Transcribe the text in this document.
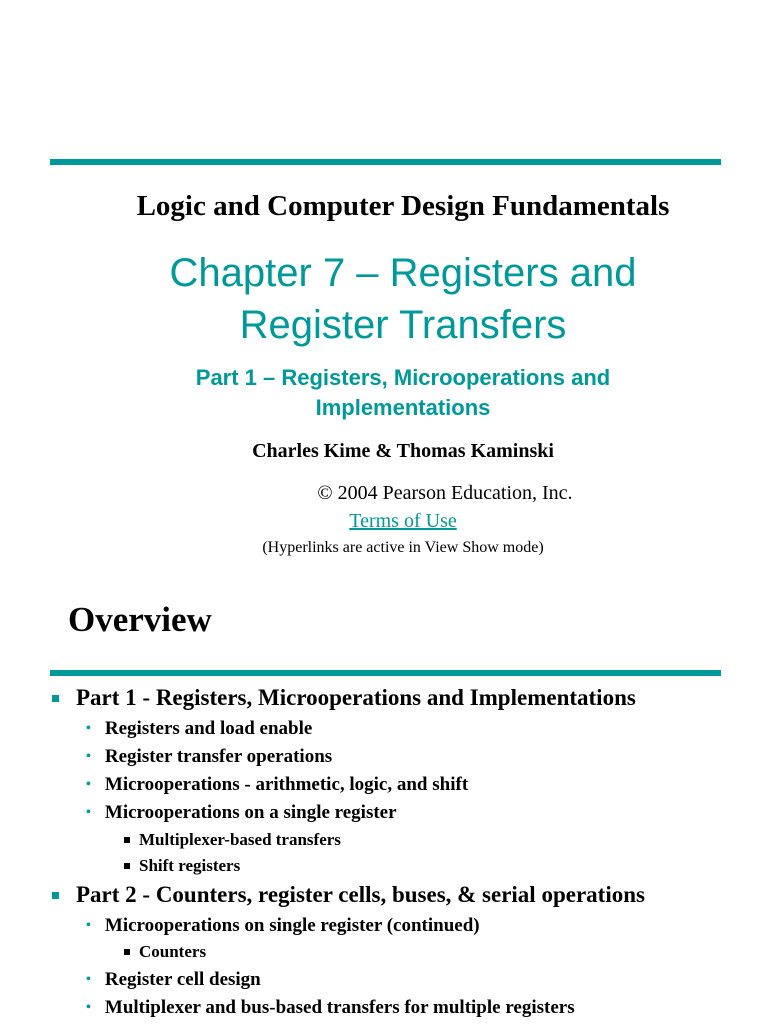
Logic and Computer Design Fundamentals
Chapter 7 – Registers and
Register Transfers
Part 1 – Registers, Microoperations and
Implementations
Charles Kime & Thomas Kaminski
© 2004 Pearson Education, Inc.
Terms of Use
(Hyperlinks are active in View Show mode)
Overview
Part 1 - Registers, Microoperations and Implementations
• Registers and load enable
• Register transfer operations
• Microoperations - arithmetic, logic, and shift
• Microoperations on a single register
Multiplexer-based transfers
Shift registers
Part 2 - Counters, register cells, buses, & serial operations
• Microoperations on single register (continued)
Counters
• Register cell design
• Multiplexer and bus-based transfers for multiple registers
